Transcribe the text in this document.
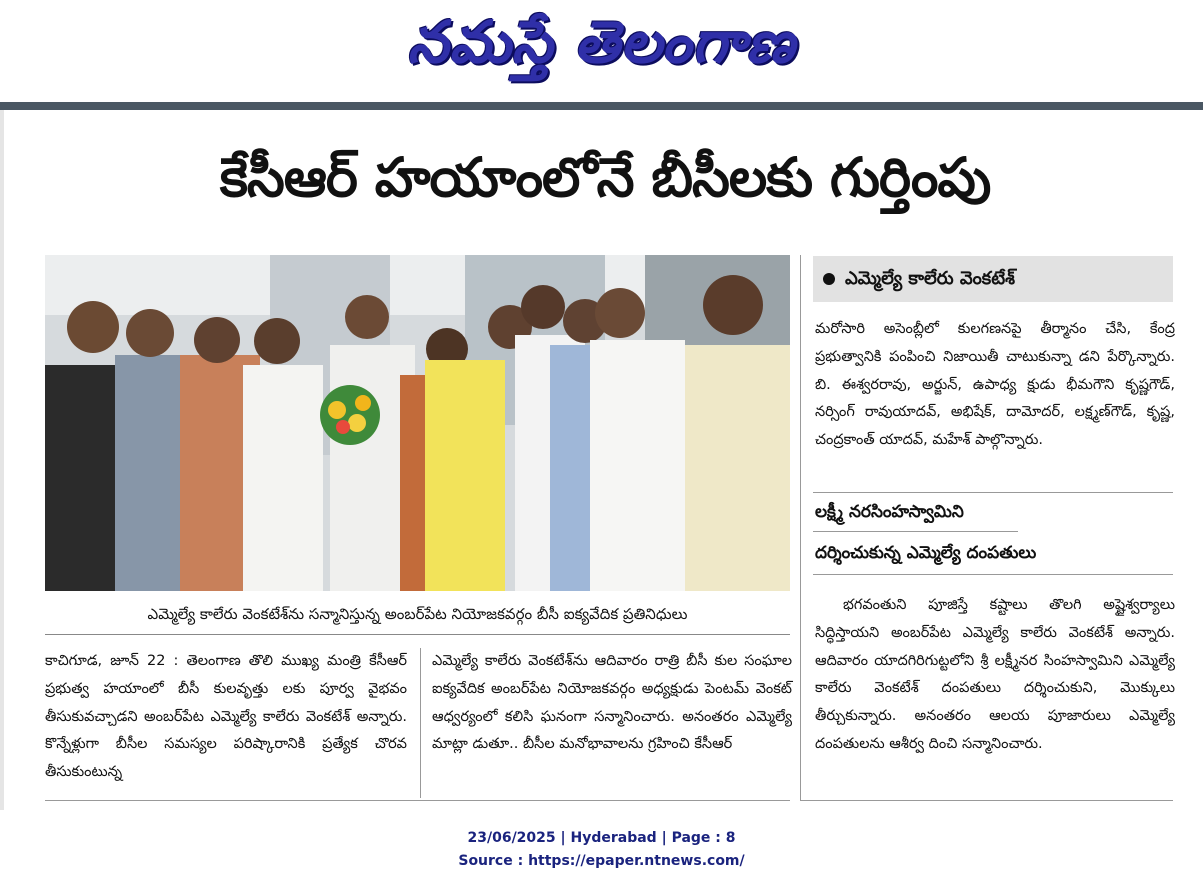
నమస్తే తెలంగాణ
కేసీఆర్ హయాంలోనే బీసీలకు గుర్తింపు
ఎమ్మెల్యే కాలేరు వెంకటేశ్‌ను సన్మానిస్తున్న అంబర్‌పేట నియోజకవర్గం బీసీ ఐక్యవేదిక ప్రతినిధులు
కాచిగూడ, జూన్ 22 : తెలంగాణ తొలి ముఖ్య మంత్రి కేసీఆర్ ప్రభుత్వ హయాంలో బీసీ కులవృత్తు లకు పూర్వ వైభవం తీసుకువచ్చాడని అంబర్‌పేట ఎమ్మెల్యే కాలేరు వెంకటేశ్ అన్నారు. కొన్నేళ్లుగా బీసీల సమస్యల పరిష్కారానికి ప్రత్యేక చొరవ తీసుకుంటున్న
ఎమ్మెల్యే కాలేరు వెంకటేశ్‌ను ఆదివారం రాత్రి బీసీ కుల సంఘాల ఐక్యవేదిక అంబర్‌పేట నియోజకవర్గం అధ్యక్షుడు పెంటమ్ వెంకట్ ఆధ్వర్యంలో కలిసి ఘనంగా సన్మానించారు. అనంతరం ఎమ్మెల్యే మాట్లా డుతూ.. బీసీల మనోభావాలను గ్రహించి కేసీఆర్
ఎమ్మెల్యే కాలేరు వెంకటేశ్
మరోసారి అసెంబ్లీలో కులగణనపై తీర్మానం చేసి, కేంద్ర ప్రభుత్వానికి పంపించి నిజాయితీ చాటుకున్నా డని పేర్కొన్నారు. బి. ఈశ్వరరావు, అర్జున్, ఉపాధ్య క్షుడు భీమగౌని కృష్ణగౌడ్, నర్సింగ్ రావుయాదవ్, అభిషేక్, దామోదర్, లక్ష్మణ్‌గౌడ్, కృష్ణ, చంద్రకాంత్ యాదవ్, మహేశ్ పాల్గొన్నారు.
లక్ష్మీ నరసింహస్వామిని
దర్శించుకున్న ఎమ్మెల్యే దంపతులు
భగవంతుని పూజిస్తే కష్టాలు తొలగి అష్టైశ్వర్యాలు సిద్ధిస్తాయని అంబర్‌పేట ఎమ్మెల్యే కాలేరు వెంకటేశ్ అన్నారు. ఆదివారం యాదగిరిగుట్టలోని శ్రీ లక్ష్మీనర సింహస్వామిని ఎమ్మెల్యే కాలేరు వెంకటేశ్ దంపతులు దర్శించుకుని, మొక్కులు తీర్చుకున్నారు. అనంతరం ఆలయ పూజారులు ఎమ్మెల్యే దంపతులను ఆశీర్వ దించి సన్మానించారు.
23/06/2025 | Hyderabad | Page : 8
Source : https://epaper.ntnews.com/
